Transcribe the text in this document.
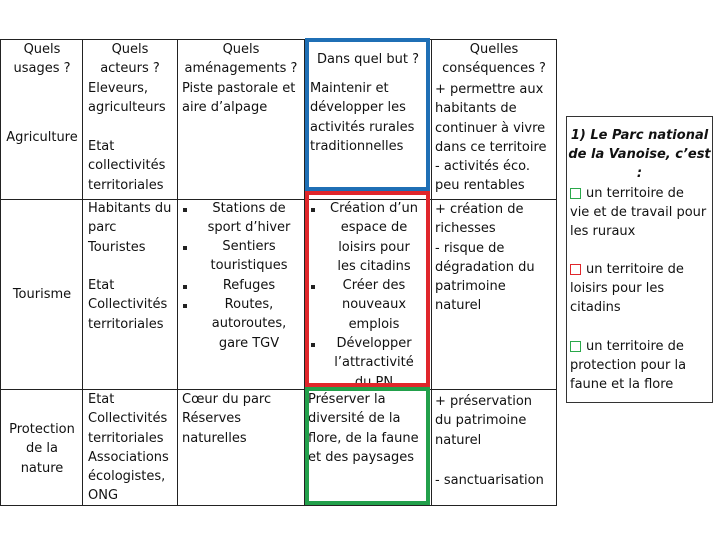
Quels
usages ?
Quels
acteurs ?
Quels
aménagements ?
Dans quel but ?
Quelles
conséquences ?
Agriculture
Eleveurs,
agriculteurs
Etat
collectivités
territoriales
Piste pastorale et
aire d’alpage
Maintenir et
développer les
activités rurales
traditionnelles
+ permettre aux
habitants de
continuer à vivre
dans ce territoire
- activités éco.
peu rentables
Tourisme
Habitants du
parc
Touristes
Etat
Collectivités
territoriales
Stations de
sport d’hiver
Sentiers
touristiques
Refuges
Routes,
autoroutes,
gare TGV
Création d’un
espace de
loisirs pour
les citadins
Créer des
nouveaux
emplois
Développer
l’attractivité
du PN
+ création de
richesses
- risque de
dégradation du
patrimoine
naturel
Protection
de la
nature
Etat
Collectivités
territoriales
Associations
écologistes,
ONG
Cœur du parc
Réserves
naturelles
Préserver la
diversité de la
flore, de la faune
et des paysages
+ préservation
du patrimoine
naturel
- sanctuarisation
1) Le Parc national
de la Vanoise, c’est :
un territoire de
vie et de travail pour
les ruraux
un territoire de
loisirs pour les
citadins
un territoire de
protection pour la
faune et la flore
